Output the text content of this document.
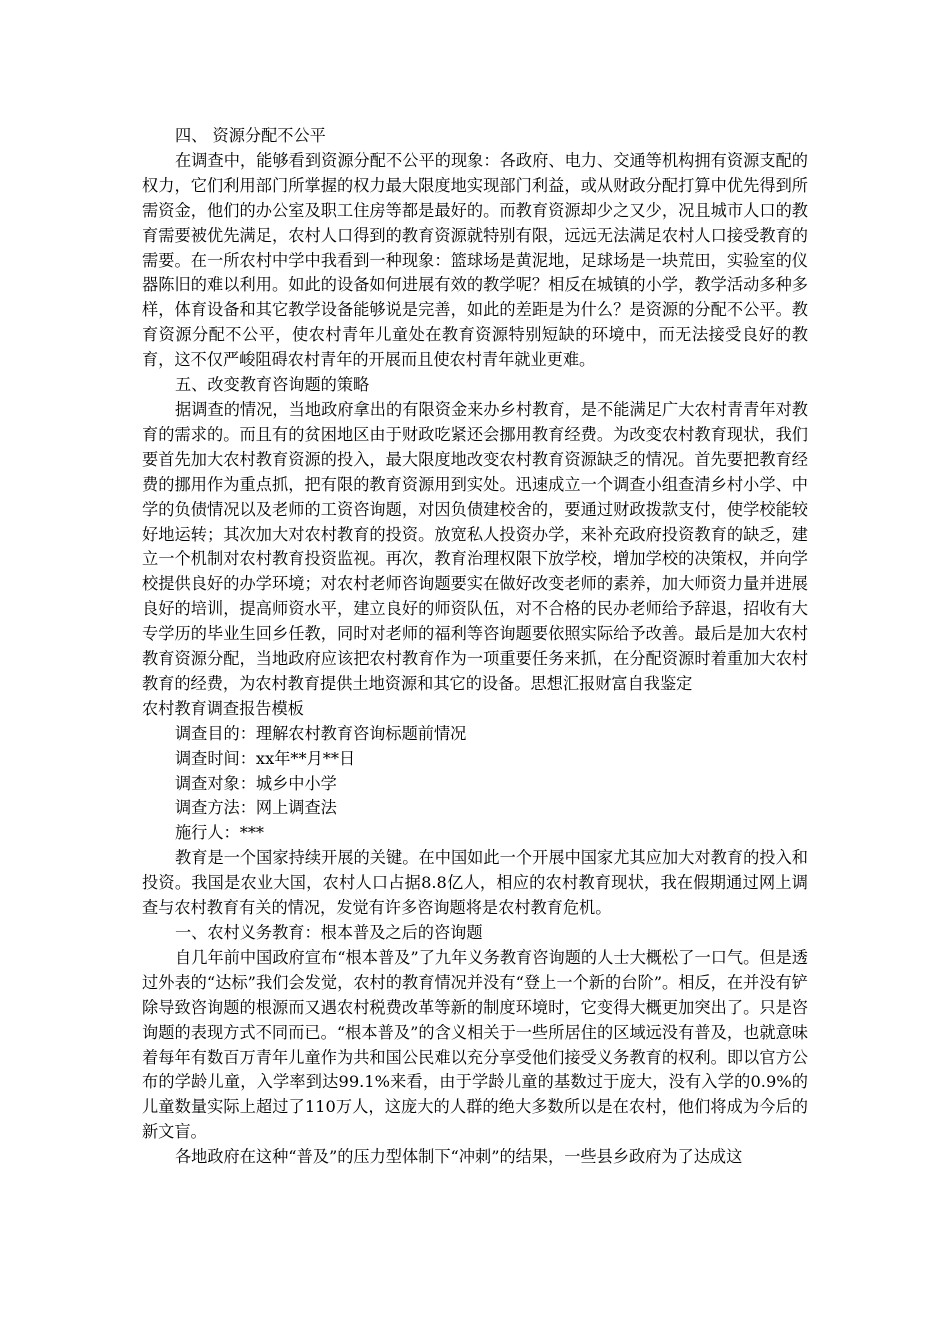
四、 资源分配不公平

在调查中，能够看到资源分配不公平的现象：各政府、电力、交通等机构拥有资源支配的权力，它们利用部门所掌握的权力最大限度地实现部门利益，或从财政分配打算中优先得到所需资金，他们的办公室及职工住房等都是最好的。而教育资源却少之又少，况且城市人口的教育需要被优先满足，农村人口得到的教育资源就特别有限，远远无法满足农村人口接受教育的需要。在一所农村中学中我看到一种现象：篮球场是黄泥地，足球场是一块荒田，实验室的仪器陈旧的难以利用。如此的设备如何进展有效的教学呢？相反在城镇的小学，教学活动多种多样，体育设备和其它教学设备能够说是完善，如此的差距是为什么？是资源的分配不公平。教育资源分配不公平，使农村青年儿童处在教育资源特别短缺的环境中，而无法接受良好的教育，这不仅严峻阻碍农村青年的开展而且使农村青年就业更难。

五、改变教育咨询题的策略

据调查的情况，当地政府拿出的有限资金来办乡村教育，是不能满足广大农村青青年对教育的需求的。而且有的贫困地区由于财政吃紧还会挪用教育经费。为改变农村教育现状，我们要首先加大农村教育资源的投入，最大限度地改变农村教育资源缺乏的情况。首先要把教育经费的挪用作为重点抓，把有限的教育资源用到实处。迅速成立一个调查小组查清乡村小学、中学的负债情况以及老师的工资咨询题，对因负债建校舍的，要通过财政拨款支付，使学校能较好地运转；其次加大对农村教育的投资。放宽私人投资办学，来补充政府投资教育的缺乏，建立一个机制对农村教育投资监视。再次，教育治理权限下放学校，增加学校的决策权，并向学校提供良好的办学环境；对农村老师咨询题要实在做好改变老师的素养，加大师资力量并进展良好的培训，提高师资水平，建立良好的师资队伍，对不合格的民办老师给予辞退，招收有大专学历的毕业生回乡任教，同时对老师的福利等咨询题要依照实际给予改善。最后是加大农村教育资源分配，当地政府应该把农村教育作为一项重要任务来抓，在分配资源时着重加大农村教育的经费，为农村教育提供土地资源和其它的设备。思想汇报财富自我鉴定

农村教育调查报告模板

调查目的：理解农村教育咨询标题前情况

调查时间：xx年**月**日

调查对象：城乡中小学

调查方法：网上调查法

施行人：***

教育是一个国家持续开展的关键。在中国如此一个开展中国家尤其应加大对教育的投入和投资。我国是农业大国，农村人口占据8.8亿人，相应的农村教育现状，我在假期通过网上调查与农村教育有关的情况，发觉有许多咨询题将是农村教育危机。

一、农村义务教育：根本普及之后的咨询题

自几年前中国政府宣布“根本普及”了九年义务教育咨询题的人士大概松了一口气。但是透过外表的“达标”我们会发觉，农村的教育情况并没有“登上一个新的台阶”。相反，在并没有铲除导致咨询题的根源而又遇农村税费改革等新的制度环境时，它变得大概更加突出了。只是咨询题的表现方式不同而已。“根本普及”的含义相关于一些所居住的区域远没有普及，也就意味着每年有数百万青年儿童作为共和国公民难以充分享受他们接受义务教育的权利。即以官方公布的学龄儿童，入学率到达99.1%来看，由于学龄儿童的基数过于庞大，没有入学的0.9%的儿童数量实际上超过了110万人，这庞大的人群的绝大多数所以是在农村，他们将成为今后的新文盲。

各地政府在这种“普及”的压力型体制下“冲刺”的结果，一些县乡政府为了达成这
